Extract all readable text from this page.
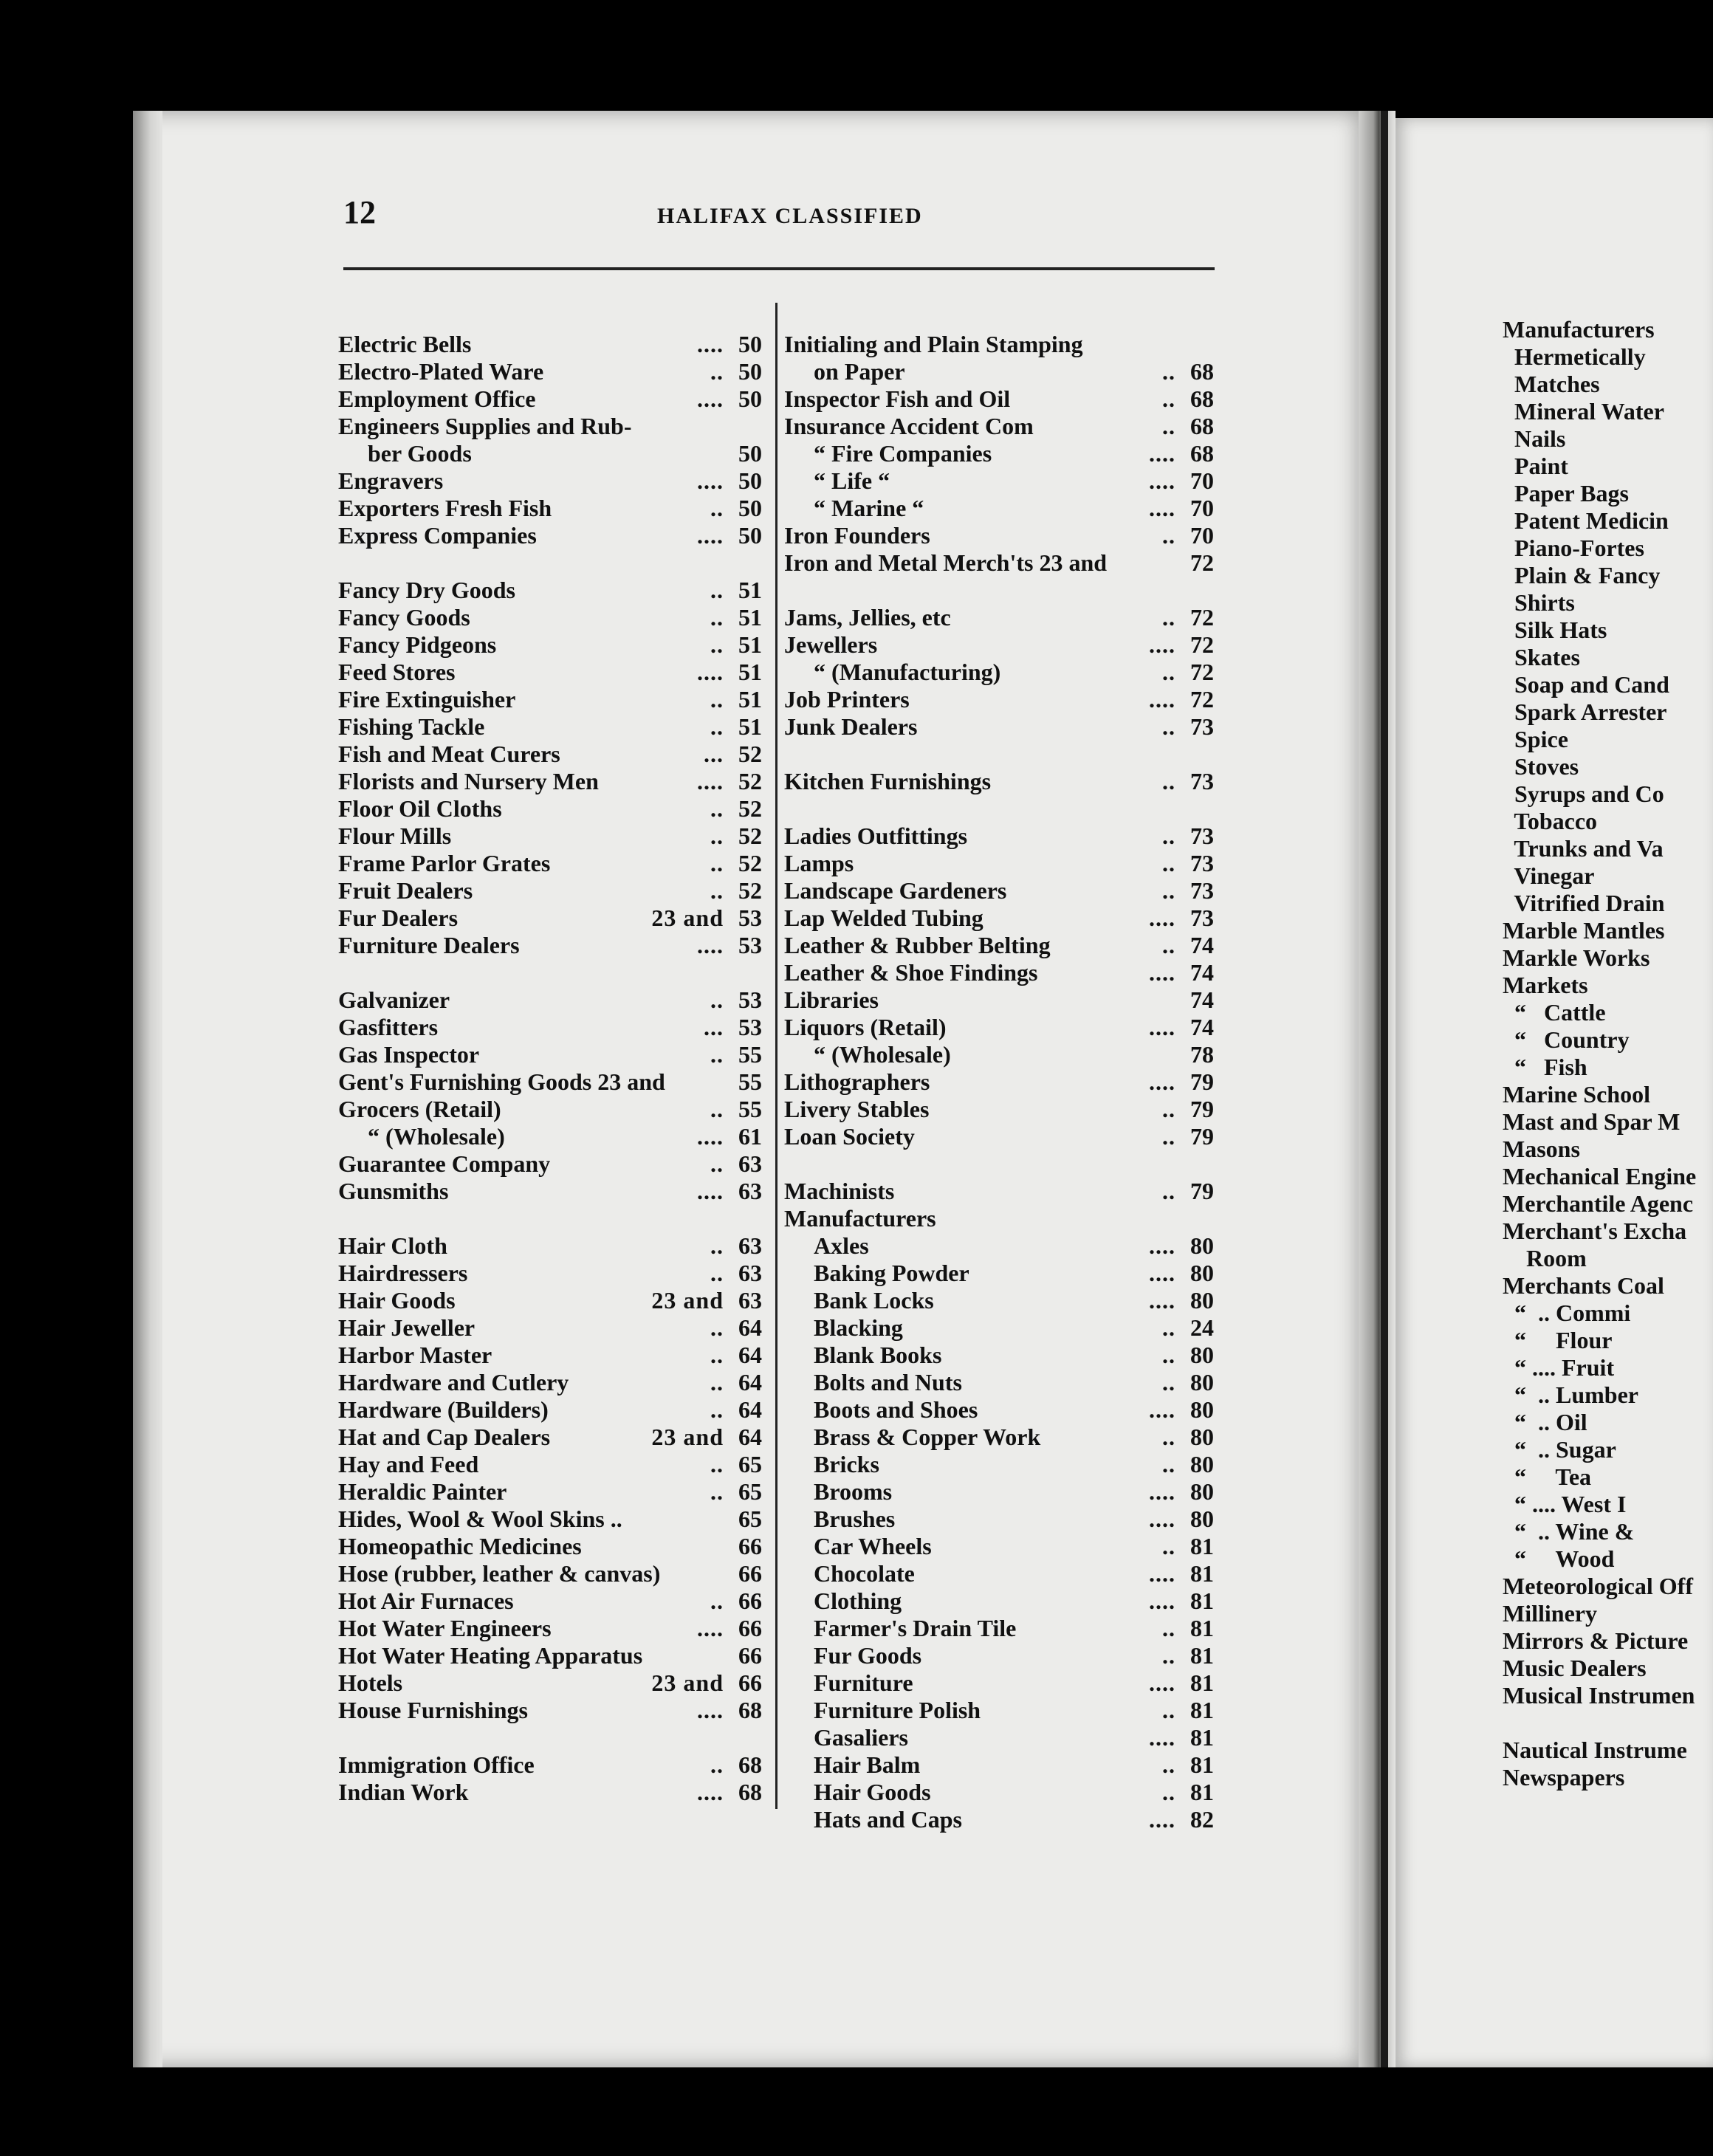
12	HALIFAX CLASSIFIED
Electric Bells	.... 50
Electro-Plated Ware	.. 50
Employment Office	.... 50
Engineers Supplies and Rub-
ber Goods	50
Engravers	.... 50
Exporters Fresh Fish	.. 50
Express Companies	.... 50
Fancy Dry Goods	.. 51
Fancy Goods	.. 51
Fancy Pidgeons	.. 51
Feed Stores	.... 51
Fire Extinguisher	.. 51
Fishing Tackle	.. 51
Fish and Meat Curers	... 52
Florists and Nursery Men	.... 52
Floor Oil Cloths	.. 52
Flour Mills	.. 52
Frame Parlor Grates	.. 52
Fruit Dealers	.. 52
Fur Dealers	23 and 53
Furniture Dealers	.... 53
Galvanizer	.. 53
Gasfitters	... 53
Gas Inspector	.. 55
Gent's Furnishing Goods 23 and	55
Grocers (Retail)	.. 55
“ (Wholesale)	.... 61
Guarantee Company	.. 63
Gunsmiths	.... 63
Hair Cloth	.. 63
Hairdressers	.. 63
Hair Goods	23 and 63
Hair Jeweller	.. 64
Harbor Master	.. 64
Hardware and Cutlery	.. 64
Hardware (Builders)	.. 64
Hat and Cap Dealers	23 and 64
Hay and Feed	.. 65
Heraldic Painter	.. 65
Hides, Wool & Wool Skins ..	65
Homeopathic Medicines	66
Hose (rubber, leather & canvas)	66
Hot Air Furnaces	.. 66
Hot Water Engineers	.... 66
Hot Water Heating Apparatus	66
Hotels	23 and 66
House Furnishings	.... 68
Immigration Office	.. 68
Indian Work	.... 68
Initialing and Plain Stamping
on Paper	.. 68
Inspector Fish and Oil	.. 68
Insurance Accident Com	.. 68
“ Fire Companies	.... 68
“ Life “	.... 70
“ Marine “	.... 70
Iron Founders	.. 70
Iron and Metal Merch'ts 23 and	72
Jams, Jellies, etc	.. 72
Jewellers	.... 72
“ (Manufacturing)	.. 72
Job Printers	.... 72
Junk Dealers	.. 73
Kitchen Furnishings	.. 73
Ladies Outfittings	.. 73
Lamps	.. 73
Landscape Gardeners	.. 73
Lap Welded Tubing	.... 73
Leather & Rubber Belting	.. 74
Leather & Shoe Findings	.... 74
Libraries	74
Liquors (Retail)	.... 74
“ (Wholesale)	78
Lithographers	.... 79
Livery Stables	.. 79
Loan Society	.. 79
Machinists	.. 79
Manufacturers
Axles	.... 80
Baking Powder	.... 80
Bank Locks	.... 80
Blacking	.. 24
Blank Books	.. 80
Bolts and Nuts	.. 80
Boots and Shoes	.... 80
Brass & Copper Work	.. 80
Bricks	.. 80
Brooms	.... 80
Brushes	.... 80
Car Wheels	.. 81
Chocolate	.... 81
Clothing	.... 81
Farmer's Drain Tile	.. 81
Fur Goods	.. 81
Furniture	.... 81
Furniture Polish	.. 81
Gasaliers	.... 81
Hair Balm	.. 81
Hair Goods	.. 81
Hats and Caps	.... 82
Manufacturers
Hermetically
Matches
Mineral Water
Nails
Paint
Paper Bags
Patent Medicin
Piano-Fortes
Plain & Fancy
Shirts
Silk Hats
Skates
Soap and Cand
Spark Arrester
Spice
Stoves
Syrups and Co
Tobacco
Trunks and Va
Vinegar
Vitrified Drain
Marble Mantles
Markle Works
Markets
“   Cattle
“   Country
“   Fish
Marine School
Mast and Spar M
Masons
Mechanical Engine
Merchantile Agenc
Merchant's Excha
Room
Merchants Coal
“  .. Commi
“     Flour
“ .... Fruit
“  .. Lumber
“  .. Oil
“  .. Sugar
“     Tea
“ .... West I
“  .. Wine &
“     Wood
Meteorological Off
Millinery
Mirrors & Picture
Music Dealers
Musical Instrumen
Nautical Instrume
Newspapers
